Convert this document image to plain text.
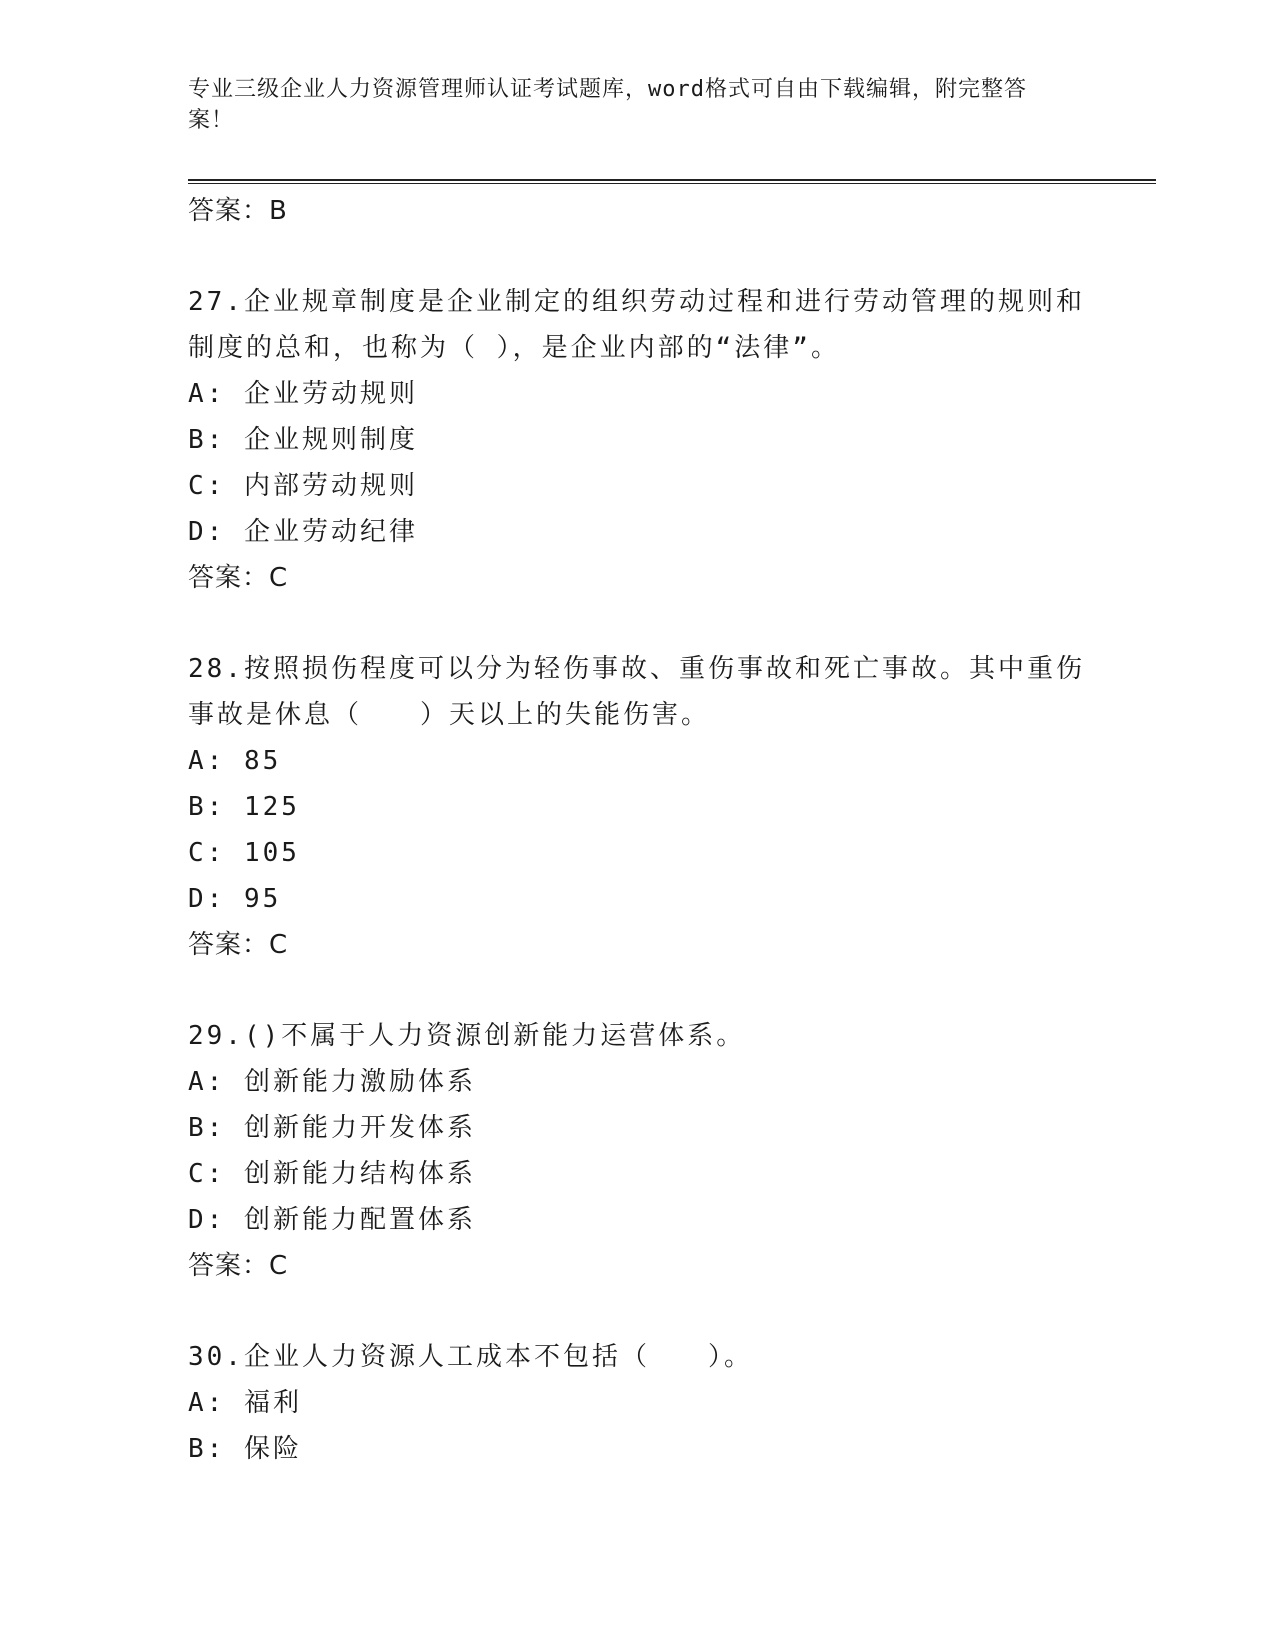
专业三级企业人力资源管理师认证考试题库，word格式可自由下载编辑，附完整答案！
答案：B
27.企业规章制度是企业制定的组织劳动过程和进行劳动管理的规则和制度的总和，也称为（ ），是企业内部的“法律”。
A: 企业劳动规则
B: 企业规则制度
C: 内部劳动规则
D: 企业劳动纪律
答案：C
28.按照损伤程度可以分为轻伤事故、重伤事故和死亡事故。其中重伤事故是休息（　　）天以上的失能伤害。
A: 85
B: 125
C: 105
D: 95
答案：C
29.()不属于人力资源创新能力运营体系。
A: 创新能力激励体系
B: 创新能力开发体系
C: 创新能力结构体系
D: 创新能力配置体系
答案：C
30.企业人力资源人工成本不包括（　　）。
A: 福利
B: 保险
